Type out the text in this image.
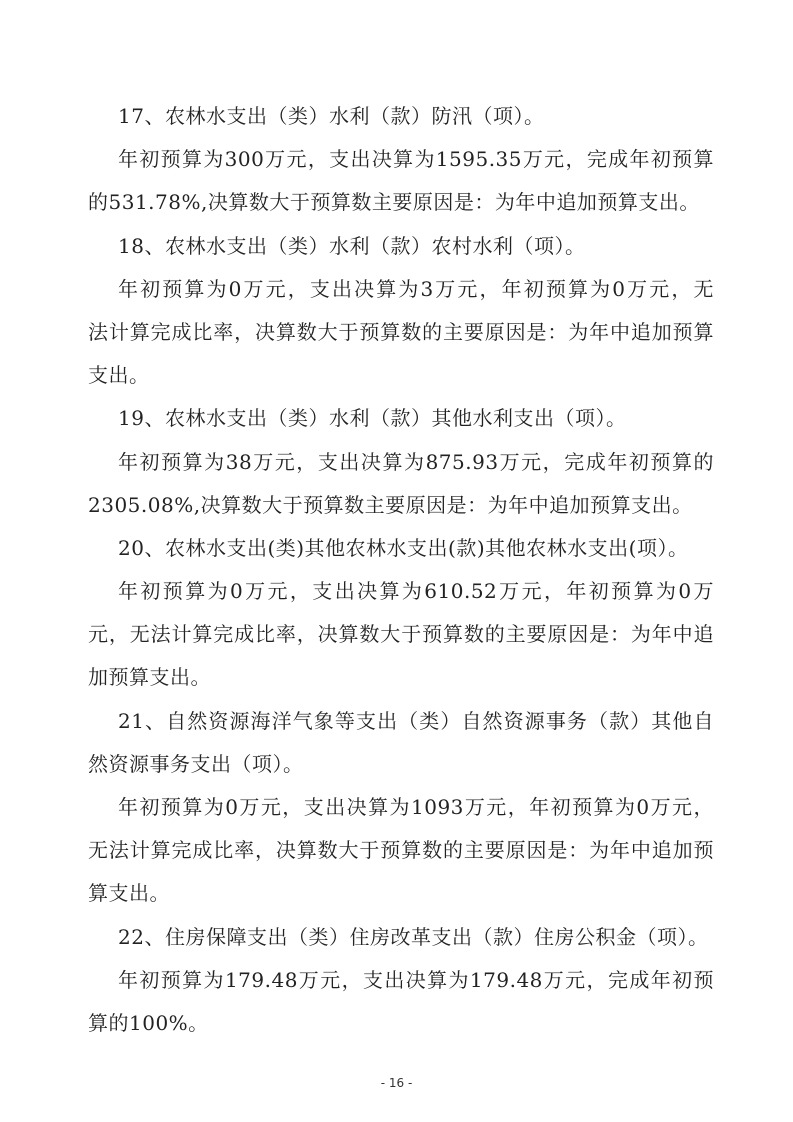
17、农林水支出（类）水利（款）防汛（项）。
年初预算为300万元，支出决算为1595.35万元，完成年初预算
的531.78%,决算数大于预算数主要原因是：为年中追加预算支出。
18、农林水支出（类）水利（款）农村水利（项）。
年初预算为0万元，支出决算为3万元，年初预算为0万元，无
法计算完成比率，决算数大于预算数的主要原因是：为年中追加预算
支出。
19、农林水支出（类）水利（款）其他水利支出（项）。
年初预算为38万元，支出决算为875.93万元，完成年初预算的
2305.08%,决算数大于预算数主要原因是：为年中追加预算支出。
20、农林水支出(类)其他农林水支出(款)其他农林水支出(项）。
年初预算为0万元，支出决算为610.52万元，年初预算为0万
元，无法计算完成比率，决算数大于预算数的主要原因是：为年中追
加预算支出。
21、自然资源海洋气象等支出（类）自然资源事务（款）其他自
然资源事务支出（项）。
年初预算为0万元，支出决算为1093万元，年初预算为0万元，
无法计算完成比率，决算数大于预算数的主要原因是：为年中追加预
算支出。
22、住房保障支出（类）住房改革支出（款）住房公积金（项）。
年初预算为179.48万元，支出决算为179.48万元，完成年初预
算的100%。
- 16 -
